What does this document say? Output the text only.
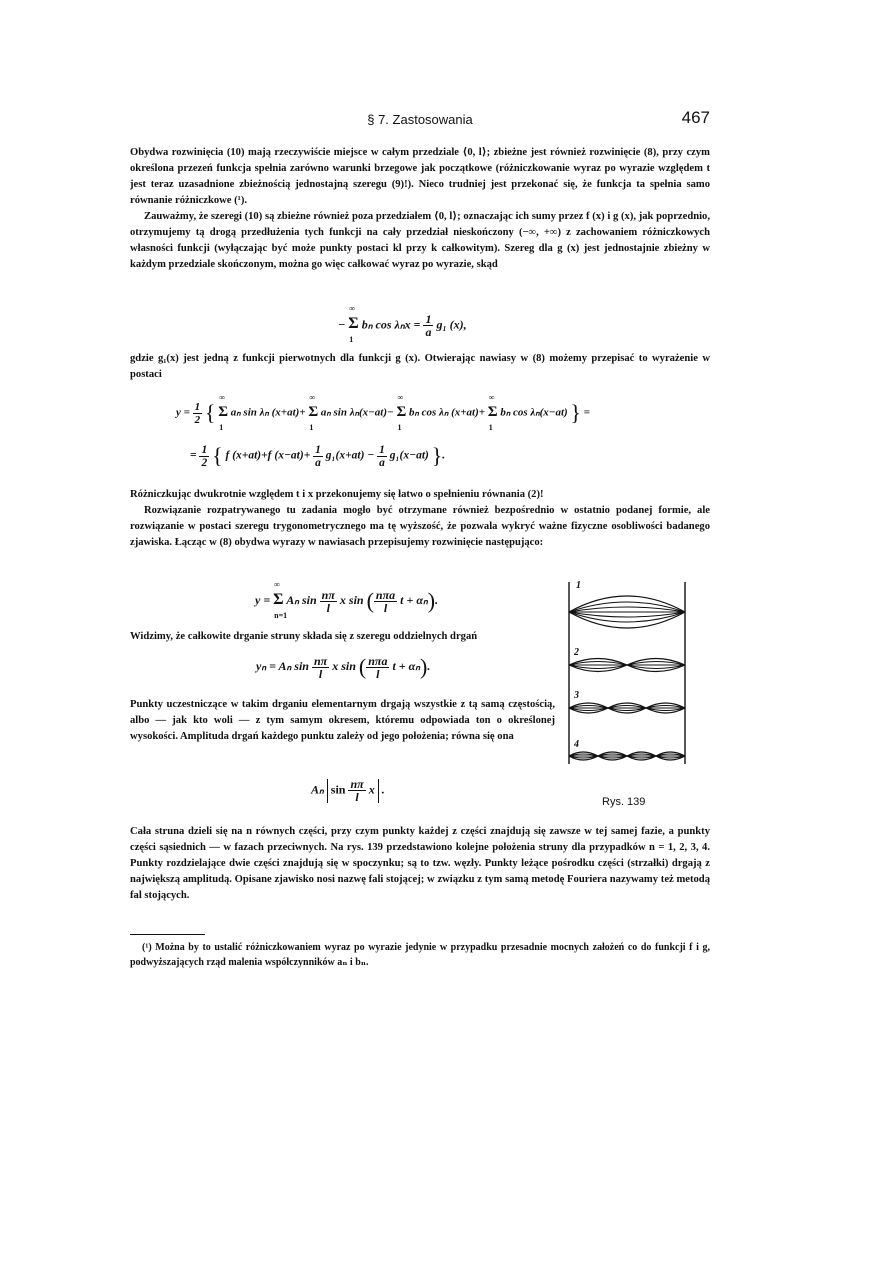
§ 7. Zastosowania	467

Obydwa rozwinięcia (10) mają rzeczywiście miejsce w całym przedziale ⟨0, l⟩; zbieżne jest również rozwinięcie (8), przy czym określona przezeń funkcja spełnia zarówno warunki brzegowe jak początkowe (różniczkowanie wyraz po wyrazie względem t jest teraz uzasadnione zbieżnością jednostajną szeregu (9)!). Nieco trudniej jest przekonać się, że funkcja ta spełnia samo równanie różniczkowe (¹).

Zauważmy, że szeregi (10) są zbieżne również poza przedziałem ⟨0, l⟩; oznaczając ich sumy przez f (x) i g (x), jak poprzednio, otrzymujemy tą drogą przedłużenia tych funkcji na cały przedział nieskończony (−∞, +∞) z zachowaniem różniczkowych własności funkcji (wyłączając być może punkty postaci kl przy k całkowitym). Szereg dla g (x) jest jednostajnie zbieżny w każdym przedziale skończonym, można go więc całkować wyraz po wyrazie, skąd

−
∞
Σ
1
bₙ $\cos \lambda_nx = \frac{1}{a} g_1$ (x),

gdzie g₁(x) jest jedną z funkcji pierwotnych dla funkcji g (x). Otwierając nawiasy w (8) możemy przepisać to wyrażenie w postaci

$y = \frac{1}{2}$ {
∞
Σ
1
aₙ sin λₙ (x+at)+
∞
Σ
1
aₙ sin λₙ(x−at)−
∞
Σ
1
bₙ cos λₙ (x+at)+
∞
Σ
1
bₙ cos λₙ(x−at) } =
= $\frac{1}{2}$ { f (x+at)+f $(x-at)+ \frac{1}{a} g_1(x+at) - \frac{1}{a} g_1(x-at)$ }.

Różniczkując dwukrotnie względem t i x przekonujemy się łatwo o spełnieniu równania (2)!

Rozwiązanie rozpatrywanego tu zadania mogło być otrzymane również bezpośrednio w ostatnio podanej formie, ale rozwiązanie w postaci szeregu trygonometrycznego ma tę wyższość, że pozwala wykryć ważne fizyczne osobliwości badanego zjawiska. Łącząc w (8) obydwa wyrazy w nawiasach przepisujemy rozwinięcie następująco:

y =
∞
Σ
n=1
Aₙ $\sin \frac{n\pi}{l}$ x sin ( $\frac{\text{nπa}}{l}$ t + αₙ).

Widzimy, że całkowite drganie struny składa się z szeregu oddzielnych drgań

yₙ = Aₙ $\sin \frac{n\pi}{l}$ x sin ( $\frac{\text{nπa}}{l}$ t + αₙ).

Punkty uczestniczące w takim drganiu elementarnym drgają wszystkie z tą samą częstością, albo — jak kto woli — z tym samym okresem, któremu odpowiada ton o określonej wysokości. Amplituda drgań każdego punktu zależy od jego położenia; równa się ona

Aₙ $\sin \frac{n\pi}{l}$ x .
1
2
3
4
Rys. 139

Cała struna dzieli się na n równych części, przy czym punkty każdej z części znajdują się zawsze w tej samej fazie, a punkty części sąsiednich — w fazach przeciwnych. Na rys. 139 przedstawiono kolejne położenia struny dla przypadków n = 1, 2, 3, 4. Punkty rozdzielające dwie części znajdują się w spoczynku; są to tzw. węzły. Punkty leżące pośrodku części (strzałki) drgają z największą amplitudą. Opisane zjawisko nosi nazwę fali stojącej; w związku z tym samą metodę Fouriera nazywamy też metodą fal stojących.

(¹) Można by to ustalić różniczkowaniem wyraz po wyrazie jedynie w przypadku przesadnie mocnych założeń co do funkcji f i g, podwyższających rząd malenia współczynników aₙ i bₙ.
